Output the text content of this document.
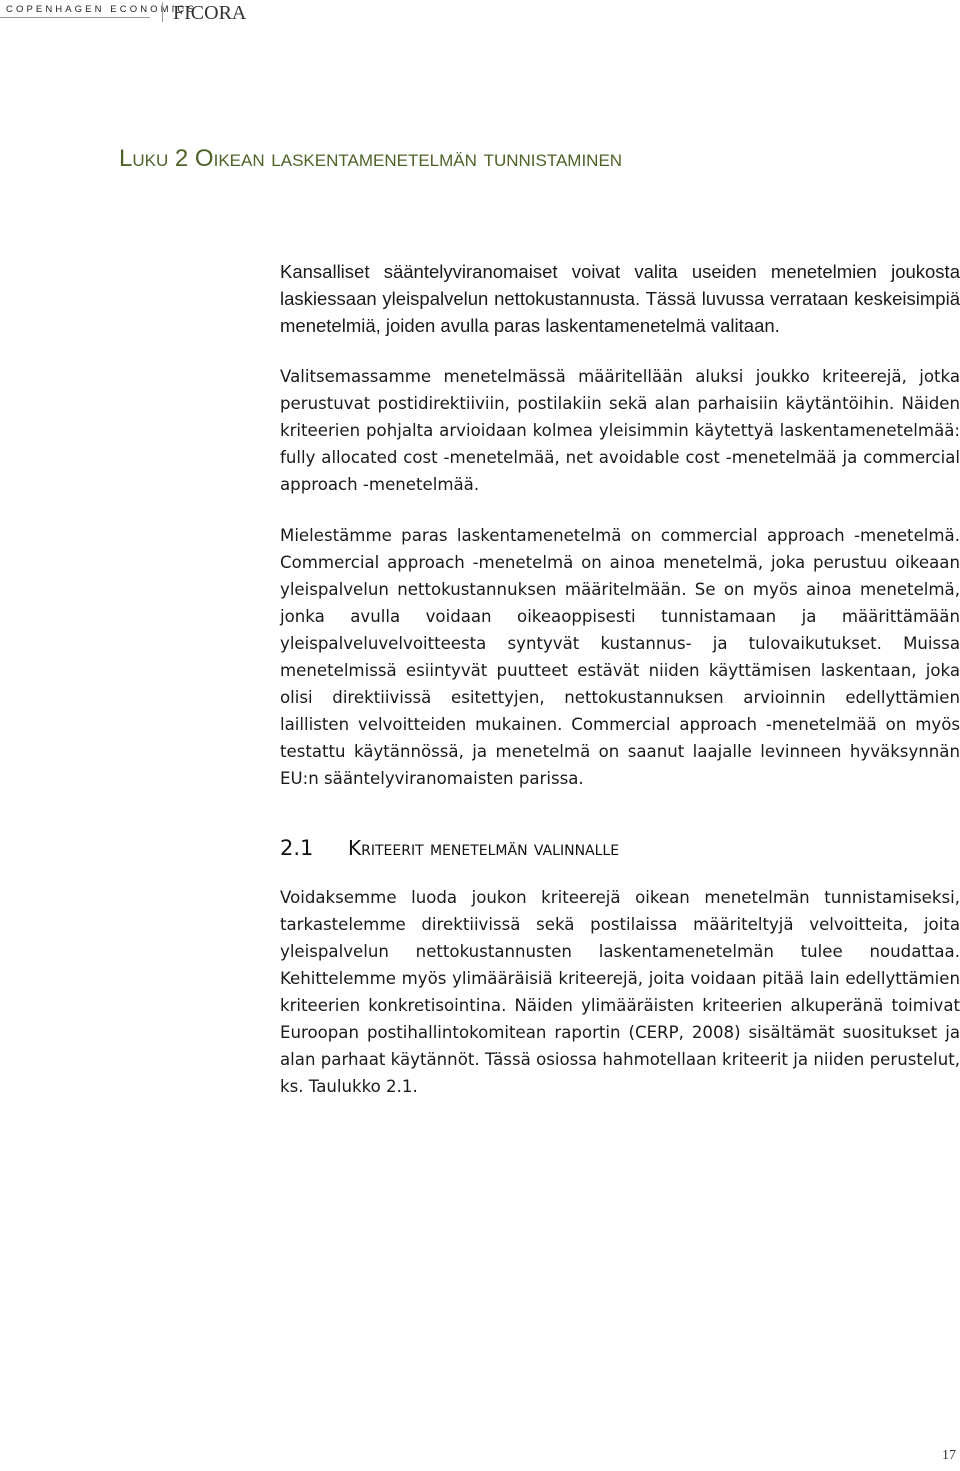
COPENHAGEN ECONOMICS
FICORA
Luku 2 Oikean laskentamenetelmän tunnistaminen

Kansalliset sääntelyviranomaiset voivat valita useiden menetelmien joukosta laskiessaan yleispalvelun nettokustannusta. Tässä luvussa verrataan keskeisimpiä menetelmiä, joiden avulla paras laskentamenetelmä valitaan.

Valitsemassamme menetelmässä määritellään aluksi joukko kriteerejä, jotka perustuvat postidirektiiviin, postilakiin sekä alan parhaisiin käytäntöihin. Näiden kriteerien pohjalta arvioidaan kolmea yleisimmin käytettyä laskentamenetelmää: fully allocated cost -menetelmää, net avoidable cost -menetelmää ja commercial approach -menetelmää.

Mielestämme paras laskentamenetelmä on commercial approach -menetelmä. Commercial approach -menetelmä on ainoa menetelmä, joka perustuu oikeaan yleispalvelun nettokustannuksen määritelmään. Se on myös ainoa menetelmä, jonka avulla voidaan oikeaoppisesti tunnistamaan ja määrittämään yleispalveluvelvoitteesta syntyvät kustannus- ja tulovaikutukset. Muissa menetelmissä esiintyvät puutteet estävät niiden käyttämisen laskentaan, joka olisi direktiivissä esitettyjen, nettokustannuksen arvioinnin edellyttämien laillisten velvoitteiden mukainen. Commercial approach -menetelmää on myös testattu käytännössä, ja menetelmä on saanut laajalle levinneen hyväksynnän EU:n sääntelyviranomaisten parissa.

2.1	Kriteerit menetelmän valinnalle

Voidaksemme luoda joukon kriteerejä oikean menetelmän tunnistamiseksi, tarkastelemme direktiivissä sekä postilaissa määriteltyjä velvoitteita, joita yleispalvelun nettokustannusten laskentamenetelmän tulee noudattaa. Kehittelemme myös ylimääräisiä kriteerejä, joita voidaan pitää lain edellyttämien kriteerien konkretisointina. Näiden ylimääräisten kriteerien alkuperänä toimivat Euroopan postihallintokomitean raportin (CERP, 2008) sisältämät suositukset ja alan parhaat käytännöt. Tässä osiossa hahmotellaan kriteerit ja niiden perustelut, ks. Taulukko 2.1.

17
